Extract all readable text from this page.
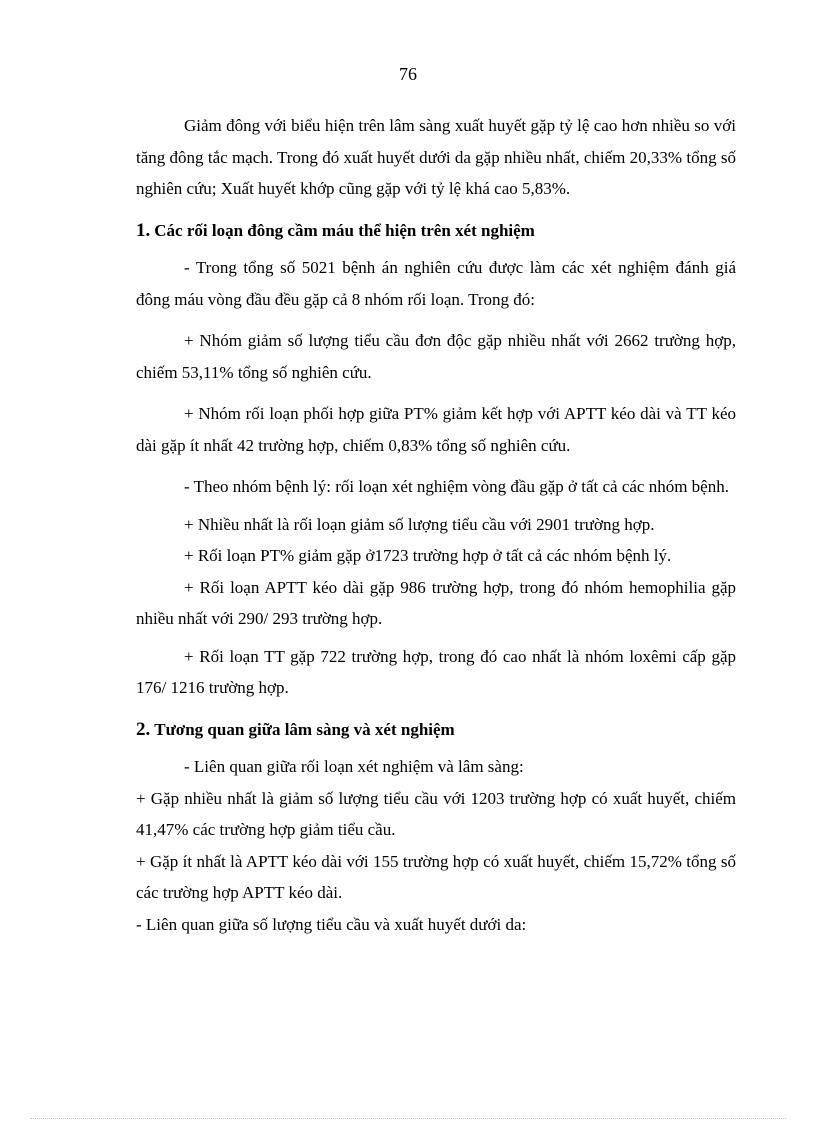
76

Giảm đông với biểu hiện trên lâm sàng xuất huyết gặp tỷ lệ cao hơn nhiều so với tăng đông tắc mạch. Trong đó xuất huyết dưới da gặp nhiều nhất, chiếm 20,33% tổng số nghiên cứu; Xuất huyết khớp cũng gặp với tỷ lệ khá cao 5,83%.

1. Các rối loạn đông cầm máu thể hiện trên xét nghiệm

- Trong tổng số 5021 bệnh án nghiên cứu được làm các xét nghiệm đánh giá đông máu vòng đầu đều gặp cả 8 nhóm rối loạn. Trong đó:

+ Nhóm giảm số lượng tiểu cầu đơn độc gặp nhiều nhất với 2662 trường hợp, chiếm 53,11% tổng số nghiên cứu.

+ Nhóm rối loạn phối hợp giữa PT% giảm kết hợp với APTT kéo dài và TT kéo dài gặp ít nhất 42 trường hợp, chiếm 0,83% tổng số nghiên cứu.

- Theo nhóm bệnh lý: rối loạn xét nghiệm vòng đầu gặp ở tất cả các nhóm bệnh.

+ Nhiều nhất là rối loạn giảm số lượng tiểu cầu với 2901 trường hợp.

+ Rối loạn PT% giảm gặp ở1723 trường hợp ở tất cả các nhóm bệnh lý.

+ Rối loạn APTT kéo dài gặp 986 trường hợp, trong đó nhóm hemophilia gặp nhiều nhất với 290/ 293 trường hợp.

+ Rối loạn TT gặp 722 trường hợp, trong đó cao nhất là nhóm loxêmi cấp gặp 176/ 1216 trường hợp.

2. Tương quan giữa lâm sàng và xét nghiệm

- Liên quan giữa rối loạn xét nghiệm và lâm sàng:

+ Gặp nhiều nhất là giảm số lượng tiểu cầu với 1203 trường hợp có xuất huyết, chiếm 41,47% các trường hợp giảm tiểu cầu.

+ Gặp ít nhất là APTT kéo dài với 155 trường hợp có xuất huyết, chiếm 15,72% tổng số các trường hợp APTT kéo dài.

- Liên quan giữa số lượng tiểu cầu và xuất huyết dưới da:
